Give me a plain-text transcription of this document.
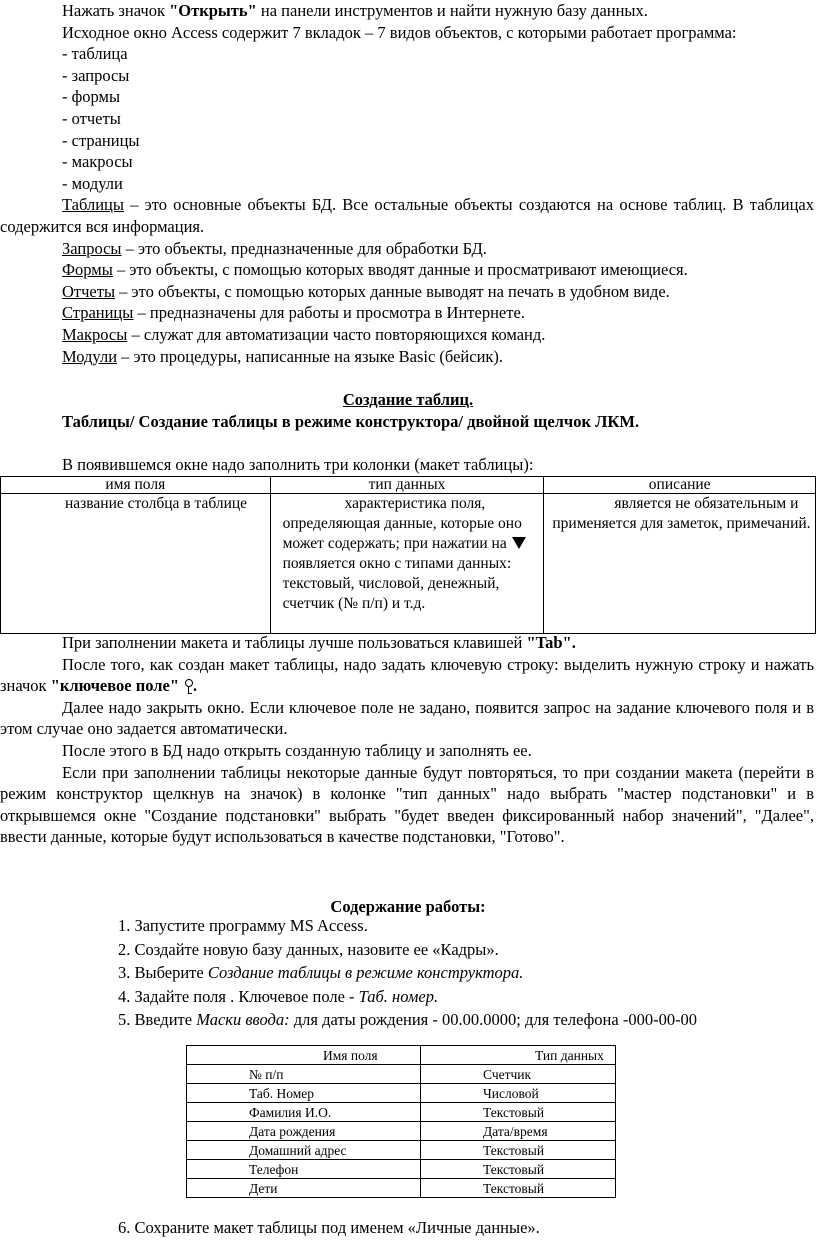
Нажать значок "Открыть" на панели инструментов и найти нужную базу данных.
Исходное окно Access содержит 7 вкладок – 7 видов объектов, с которыми работает программа:
- таблица
- запросы
- формы
- отчеты
- страницы
- макросы
- модули
Таблицы – это основные объекты БД. Все остальные объекты создаются на основе таблиц. В таблицах содержится вся информация.
Запросы – это объекты, предназначенные для обработки БД.
Формы – это объекты, с помощью которых вводят данные и просматривают имеющиеся.
Отчеты – это объекты, с помощью которых данные выводят на печать в удобном виде.
Страницы – предназначены для работы и просмотра в Интернете.
Макросы – служат для автоматизации часто повторяющихся команд.
Модули – это процедуры, написанные на языке Basic (бейсик).
Создание таблиц.
Таблицы/ Создание таблицы в режиме конструктора/ двойной щелчок ЛКМ.
В появившемся окне надо заполнить три колонки (макет таблицы):
имя поля	тип данных	описание
название столбца в таблице	характеристика поля, определяющая данные, которые оно может содержать; при нажатии на  появляется окно с типами данных: текстовый, числовой, денежный, счетчик (№ п/п) и т.д.	является не обязательным и применяется для заметок, примечаний.
При заполнении макета и таблицы лучше пользоваться клавишей "Tab".
После того, как создан макет таблицы, надо задать ключевую строку: выделить нужную строку и нажать значок "ключевое поле" .
Далее надо закрыть окно. Если ключевое поле не задано, появится запрос на задание ключевого поля и в этом случае оно задается автоматически.
После этого в БД надо открыть созданную таблицу и заполнять ее.
Если при заполнении таблицы некоторые данные будут повторяться, то при создании макета (перейти в режим конструктор щелкнув на значок) в колонке "тип данных" надо выбрать "мастер подстановки" и в открывшемся окне "Создание подстановки" выбрать "будет введен фиксированный набор значений", "Далее", ввести данные, которые будут использоваться в качестве подстановки, "Готово".
Содержание работы:
1. Запустите программу MS Access.
2. Создайте новую базу данных, назовите ее «Кадры».
3. Выберите Создание таблицы в режиме конструктора.
4. Задайте поля . Ключевое поле - Таб. номер.
5. Введите Маски ввода: для даты рождения - 00.00.0000; для телефона -000-00-00
Имя поля	Тип данных
№ п/п	Счетчик
Таб. Номер	Числовой
Фамилия И.О.	Текстовый
Дата рождения	Дата/время
Домашний адрес	Текстовый
Телефон	Текстовый
Дети	Текстовый
6. Сохраните макет таблицы под именем «Личные данные».
